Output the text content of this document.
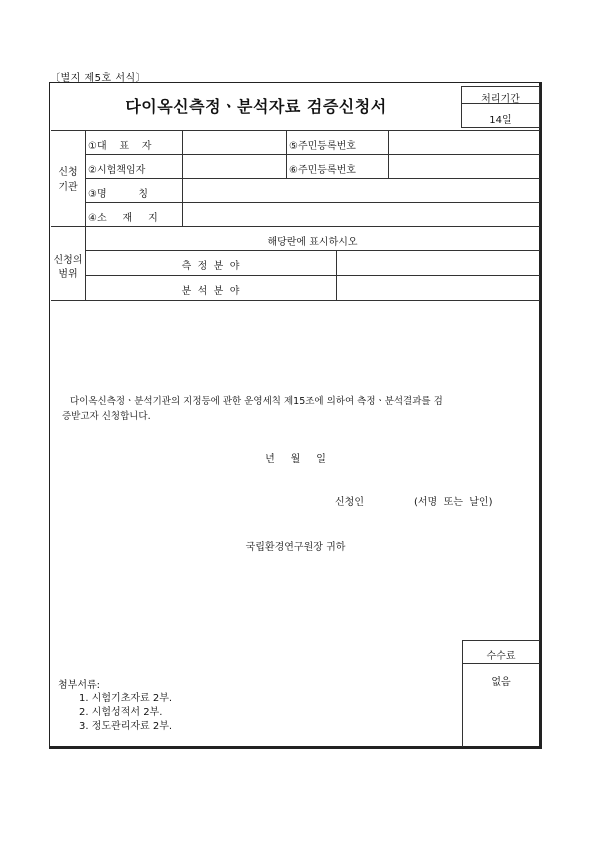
〔별지 제5호 서식〕
다이옥신측정ㆍ분석자료 검증신청서	처리기간
14일
신청
기관
①대    표    자	⑤주민등록번호
②시험책임자	⑥주민등록번호
③명          칭
④소     재     지
신청의
범위
해당란에 표시하시오
측  정  분  야
분  석  분  야
다이옥신측정ㆍ분석기관의 지정등에 관한 운영세칙 제15조에 의하여 측정ㆍ분석결과를 검
증받고자 신청합니다.
년     월     일
신청인	(서명  또는  날인)
국립환경연구원장 귀하
수수료
없음
첨부서류:
1. 시험기초자료 2부.
2. 시험성적서 2부.
3. 정도관리자료 2부.
